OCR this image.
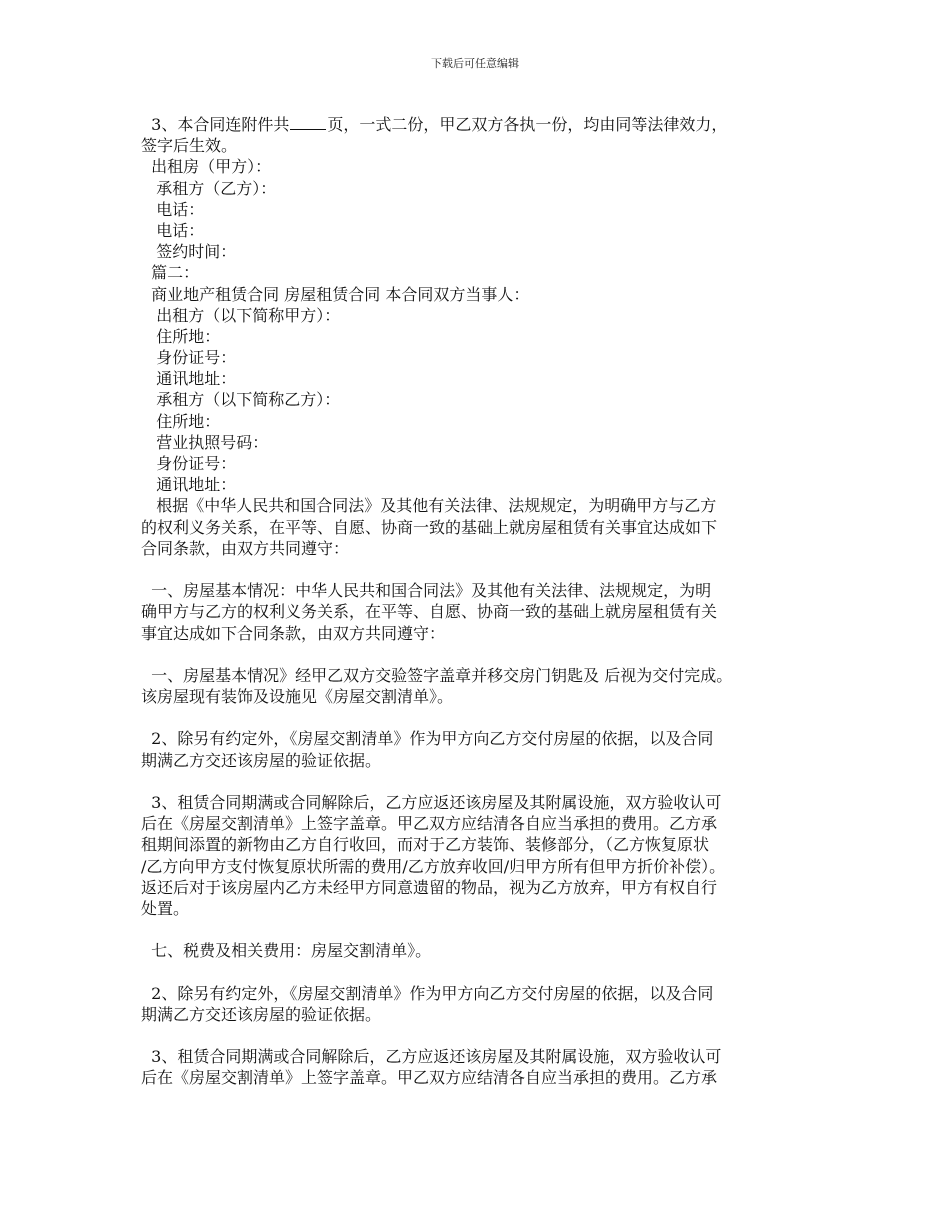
下载后可任意编辑
3、本合同连附件共 页，一式二份，甲乙双方各执一份，均由同等法律效力，
签字后生效。
出租房（甲方）：
承租方（乙方）：
电话：
电话：
签约时间：
篇二：
商业地产租赁合同 房屋租赁合同 本合同双方当事人：
出租方（以下简称甲方）：
住所地：
身份证号：
通讯地址：
承租方（以下简称乙方）：
住所地：
营业执照号码：
身份证号：
通讯地址：
根据《中华人民共和国合同法》及其他有关法律、法规规定，为明确甲方与乙方
的权利义务关系，在平等、自愿、协商一致的基础上就房屋租赁有关事宜达成如下
合同条款，由双方共同遵守：
一、房屋基本情况：中华人民共和国合同法》及其他有关法律、法规规定，为明
确甲方与乙方的权利义务关系，在平等、自愿、协商一致的基础上就房屋租赁有关
事宜达成如下合同条款，由双方共同遵守：
一、房屋基本情况》经甲乙双方交验签字盖章并移交房门钥匙及 后视为交付完成。
该房屋现有装饰及设施见《房屋交割清单》。
2、除另有约定外，《房屋交割清单》作为甲方向乙方交付房屋的依据，以及合同
期满乙方交还该房屋的验证依据。
3、租赁合同期满或合同解除后，乙方应返还该房屋及其附属设施，双方验收认可
后在《房屋交割清单》上签字盖章。甲乙双方应结清各自应当承担的费用。乙方承
租期间添置的新物由乙方自行收回，而对于乙方装饰、装修部分，（乙方恢复原状
/乙方向甲方支付恢复原状所需的费用/乙方放弃收回/归甲方所有但甲方折价补偿）。
返还后对于该房屋内乙方未经甲方同意遗留的物品，视为乙方放弃，甲方有权自行
处置。
七、税费及相关费用：房屋交割清单》。
2、除另有约定外，《房屋交割清单》作为甲方向乙方交付房屋的依据，以及合同
期满乙方交还该房屋的验证依据。
3、租赁合同期满或合同解除后，乙方应返还该房屋及其附属设施，双方验收认可
后在《房屋交割清单》上签字盖章。甲乙双方应结清各自应当承担的费用。乙方承
